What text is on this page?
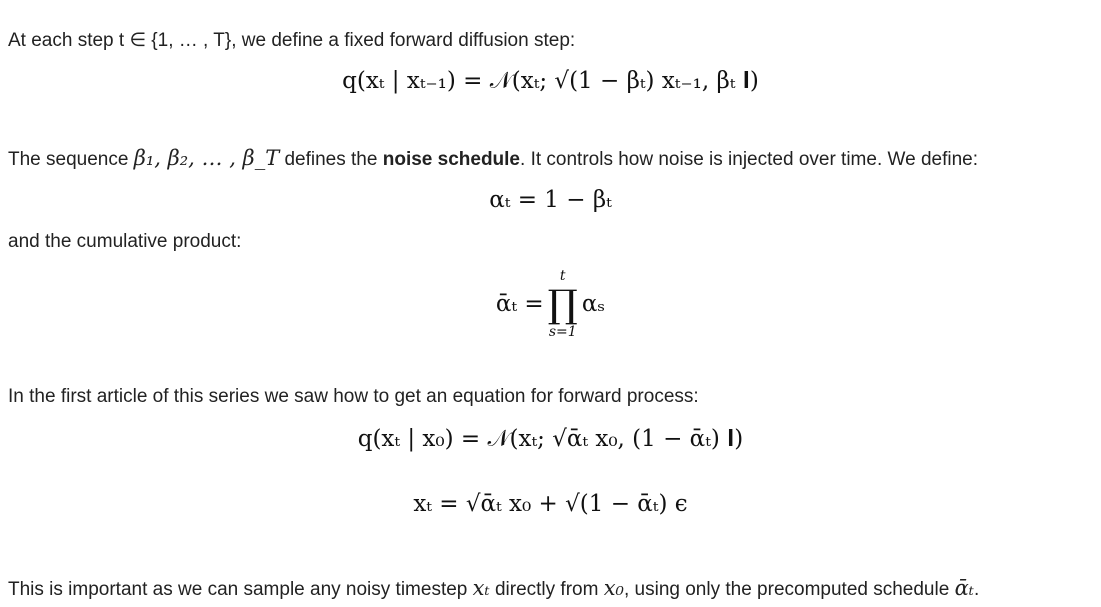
At each step t ∈ {1, … , T}, we define a fixed forward diffusion step:
q(xₜ | xₜ₋₁) = 𝒩(xₜ; √(1 − βₜ) xₜ₋₁, βₜ 𝐈)
The sequence β₁, β₂, … , β_T defines the noise schedule. It controls how noise is injected over time. We define:
αₜ = 1 − βₜ
and the cumulative product:
ᾱₜ =
t
∏
s=1
αₛ
In the first article of this series we saw how to get an equation for forward process:
q(xₜ | x₀) = 𝒩(xₜ; √ᾱₜ x₀, (1 − ᾱₜ) 𝐈)
xₜ = √ᾱₜ x₀ + √(1 − ᾱₜ) ϵ
This is important as we can sample any noisy timestep xₜ directly from x₀, using only the precomputed schedule ᾱₜ.
